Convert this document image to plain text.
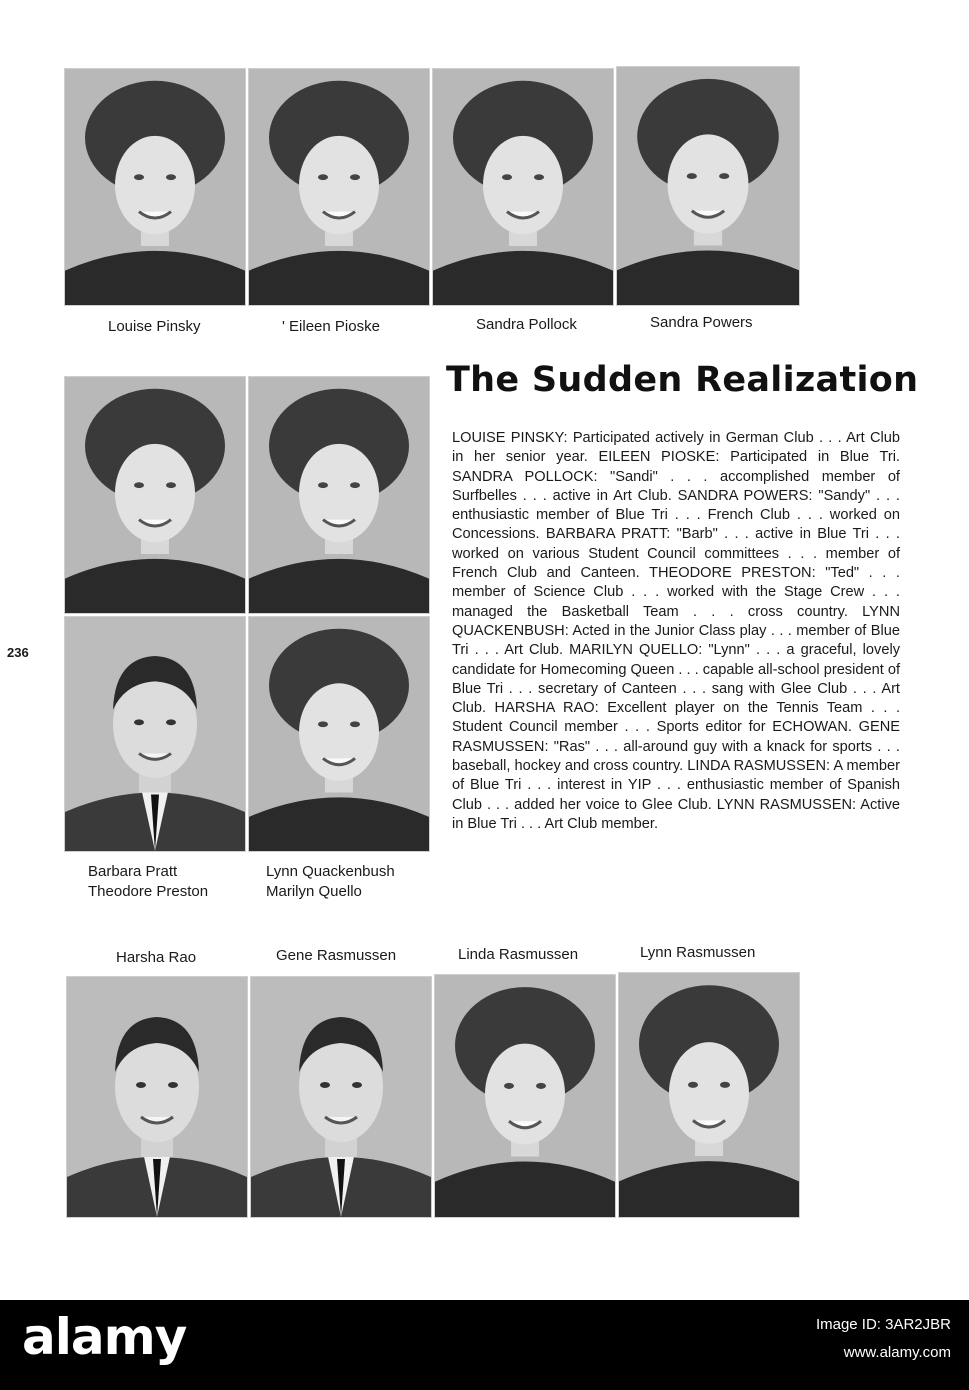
Louise Pinsky	' Eileen Pioske	Sandra Pollock	Sandra Powers
Barbara Pratt
Theodore Preston
Lynn Quackenbush
Marilyn Quello
236
The Sudden Realization
LOUISE PINSKY: Participated actively in German Club . . . Art Club in her senior year. EILEEN PIOSKE: Participated in Blue Tri. SANDRA POLLOCK: "Sandi" . . . accomplished member of Surfbelles . . . active in Art Club. SANDRA POWERS: "Sandy" . . . enthusiastic member of Blue Tri . . . French Club . . . worked on Concessions. BARBARA PRATT: "Barb" . . . active in Blue Tri . . . worked on various Student Council committees . . . member of French Club and Canteen. THEODORE PRESTON: "Ted" . . . member of Science Club . . . worked with the Stage Crew . . . managed the Basketball Team . . . cross country. LYNN QUACKENBUSH: Acted in the Junior Class play . . . member of Blue Tri . . . Art Club. MARILYN QUELLO: "Lynn" . . . a graceful, lovely candidate for Homecoming Queen . . . capable all-school president of Blue Tri . . . secretary of Canteen . . . sang with Glee Club . . . Art Club. HARSHA RAO: Excellent player on the Tennis Team . . . Student Council member . . . Sports editor for ECHOWAN. GENE RASMUSSEN: "Ras" . . . all-around guy with a knack for sports . . . baseball, hockey and cross country. LINDA RASMUSSEN: A member of Blue Tri . . . interest in YIP . . . enthusiastic member of Spanish Club . . . added her voice to Glee Club. LYNN RASMUSSEN: Active in Blue Tri . . . Art Club member.
Harsha Rao	Gene Rasmussen	Linda Rasmussen	Lynn Rasmussen
alamy	Image ID: 3AR2JBR
www.alamy.com
